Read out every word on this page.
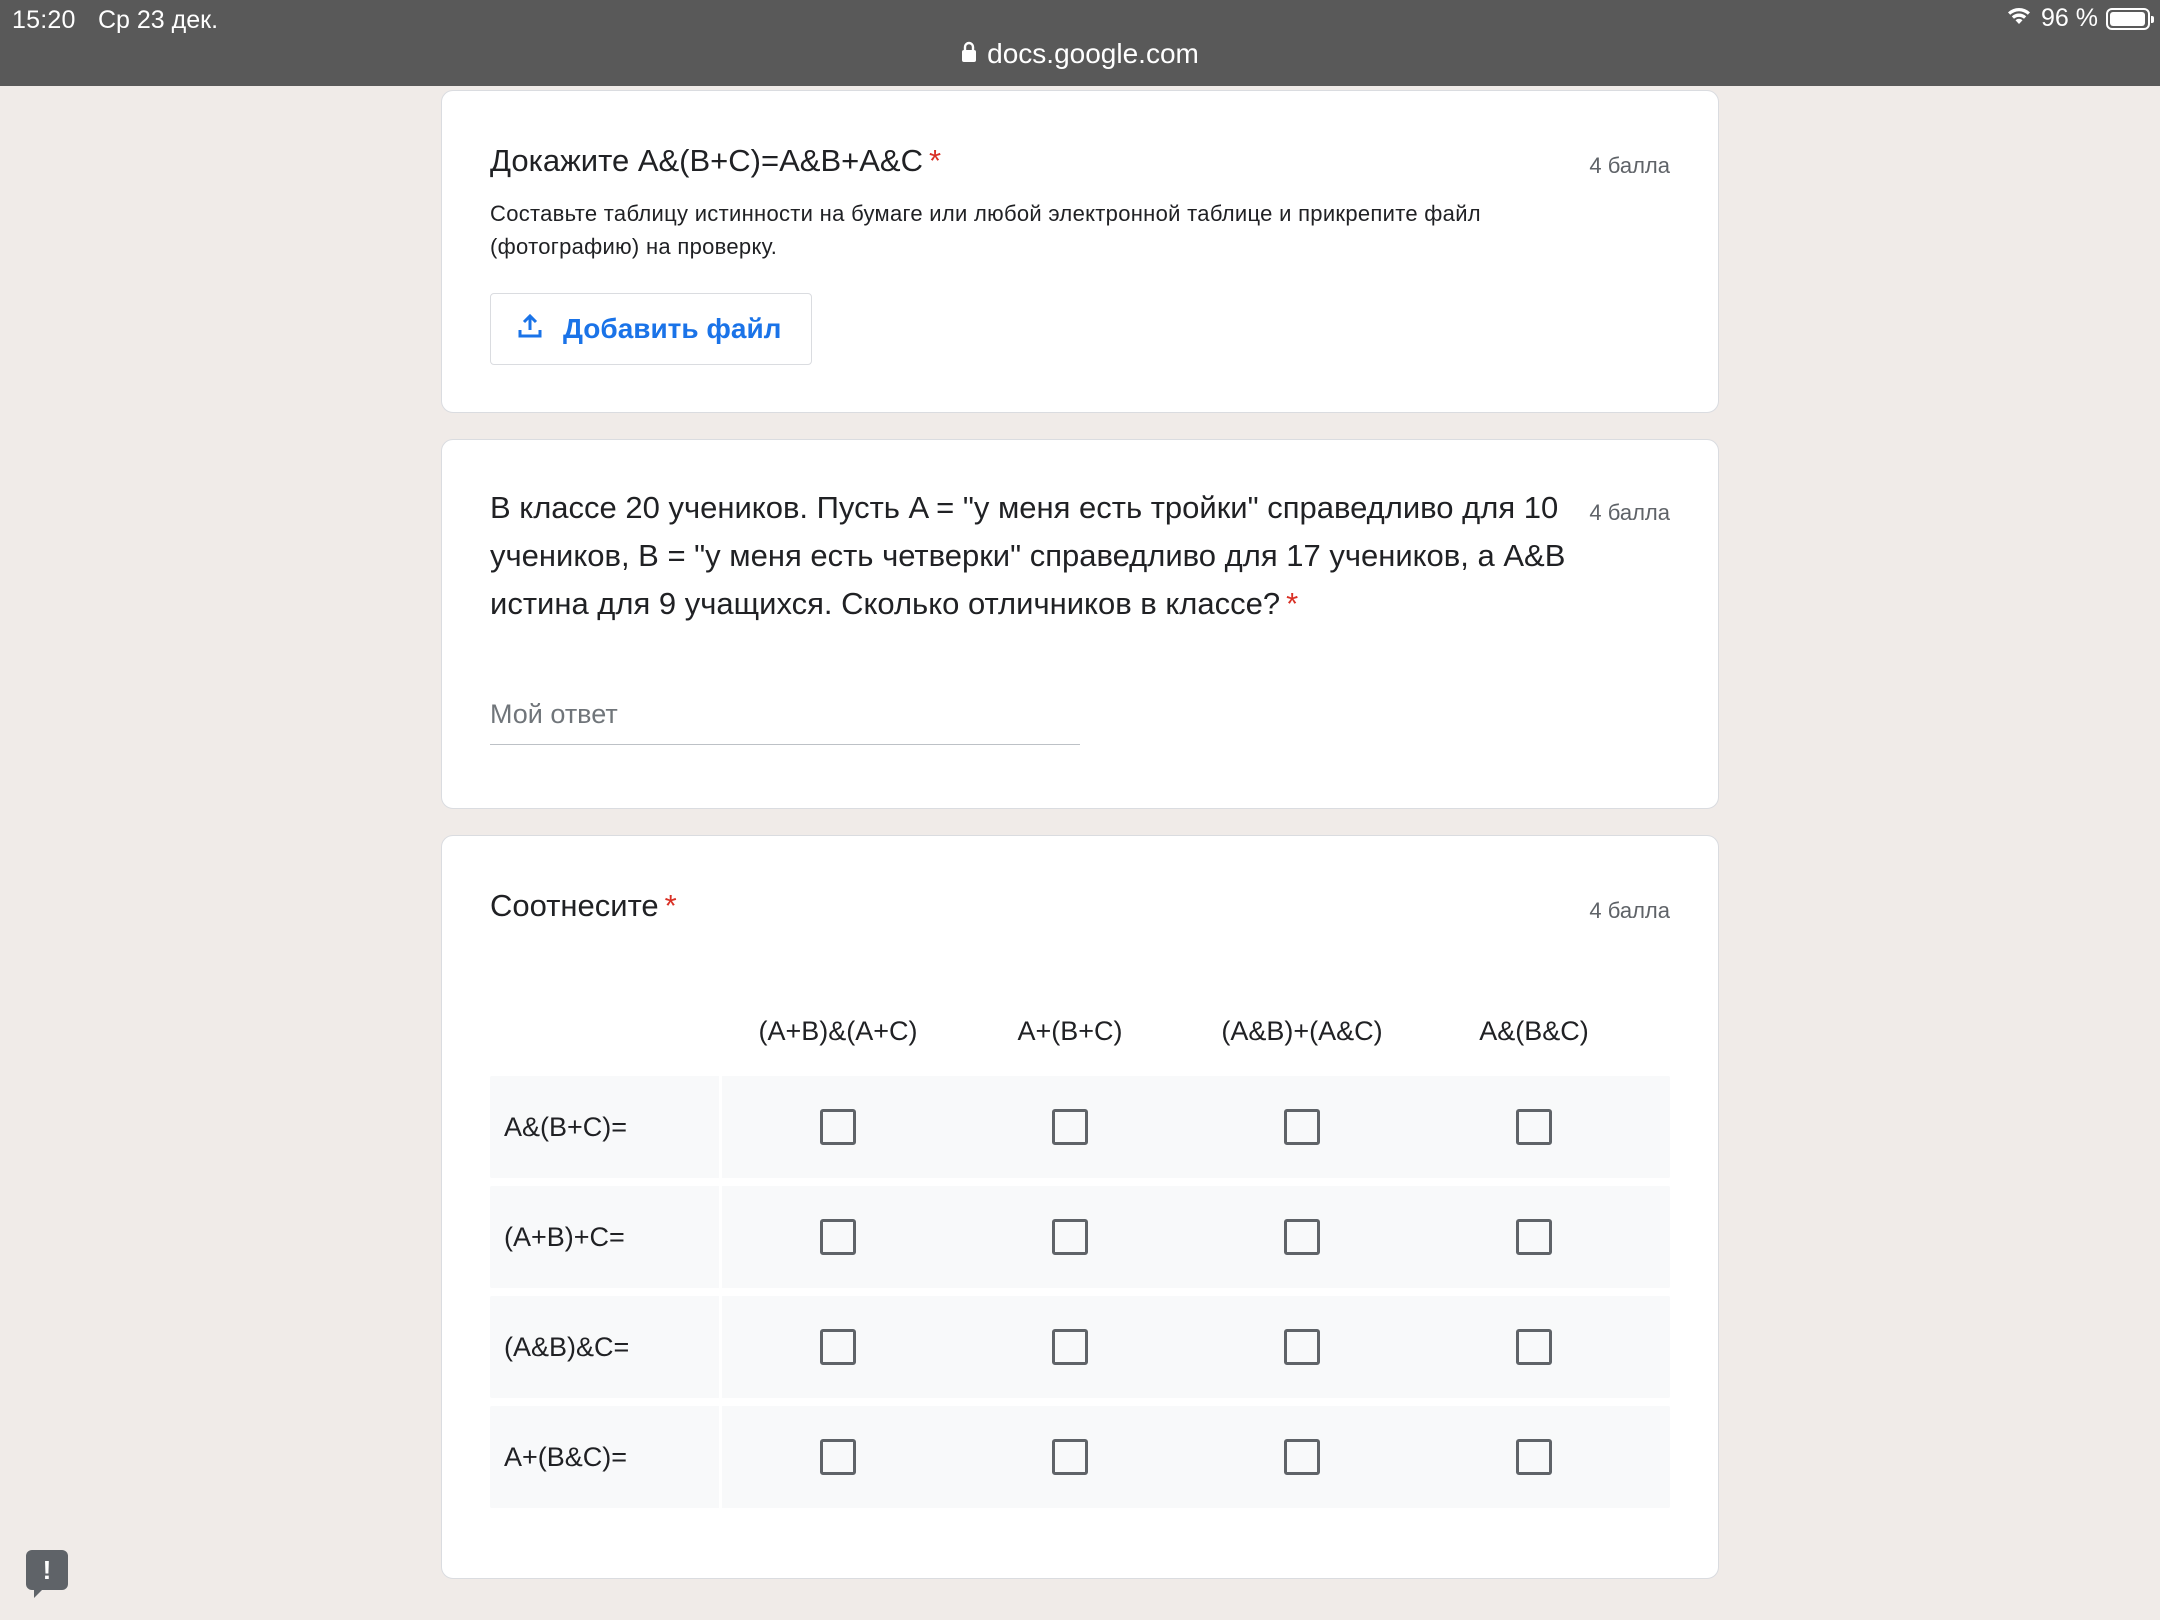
15:20 Ср 23 дек.	96 %
docs.google.com
Докажите A&(B+C)=A&B+A&C *	4 балла
Составьте таблицу истинности на бумаге или любой электронной таблице и прикрепите файл (фотографию) на проверку.
Добавить файл
В классе 20 учеников. Пусть A = "у меня есть тройки" справедливо для 10 учеников, B = "у меня есть четверки" справедливо для 17 учеников, а A&B истина для 9 учащихся. Сколько отличников в классе? *
4 балла
Мой ответ
Соотнесите *	4 балла
(A+B)&(A+C)	A+(B+C)	(A&B)+(A&C)	A&(B&C)
A&(B+C)=
(A+B)+C=
(A&B)&C=
A+(B&C)=
!
